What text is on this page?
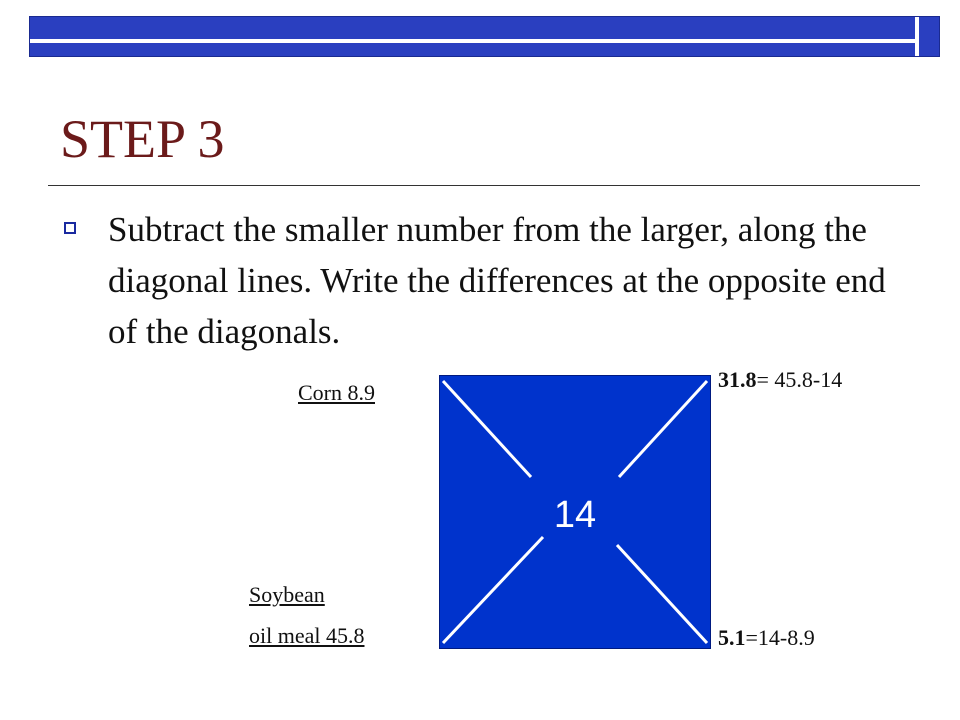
STEP 3
Subtract the smaller number from the larger, along the diagonal lines. Write the differences at the opposite end of the diagonals.
14
Corn 8.9
Soybean
oil meal 45.8
31.8= 45.8-14
5.1=14-8.9
